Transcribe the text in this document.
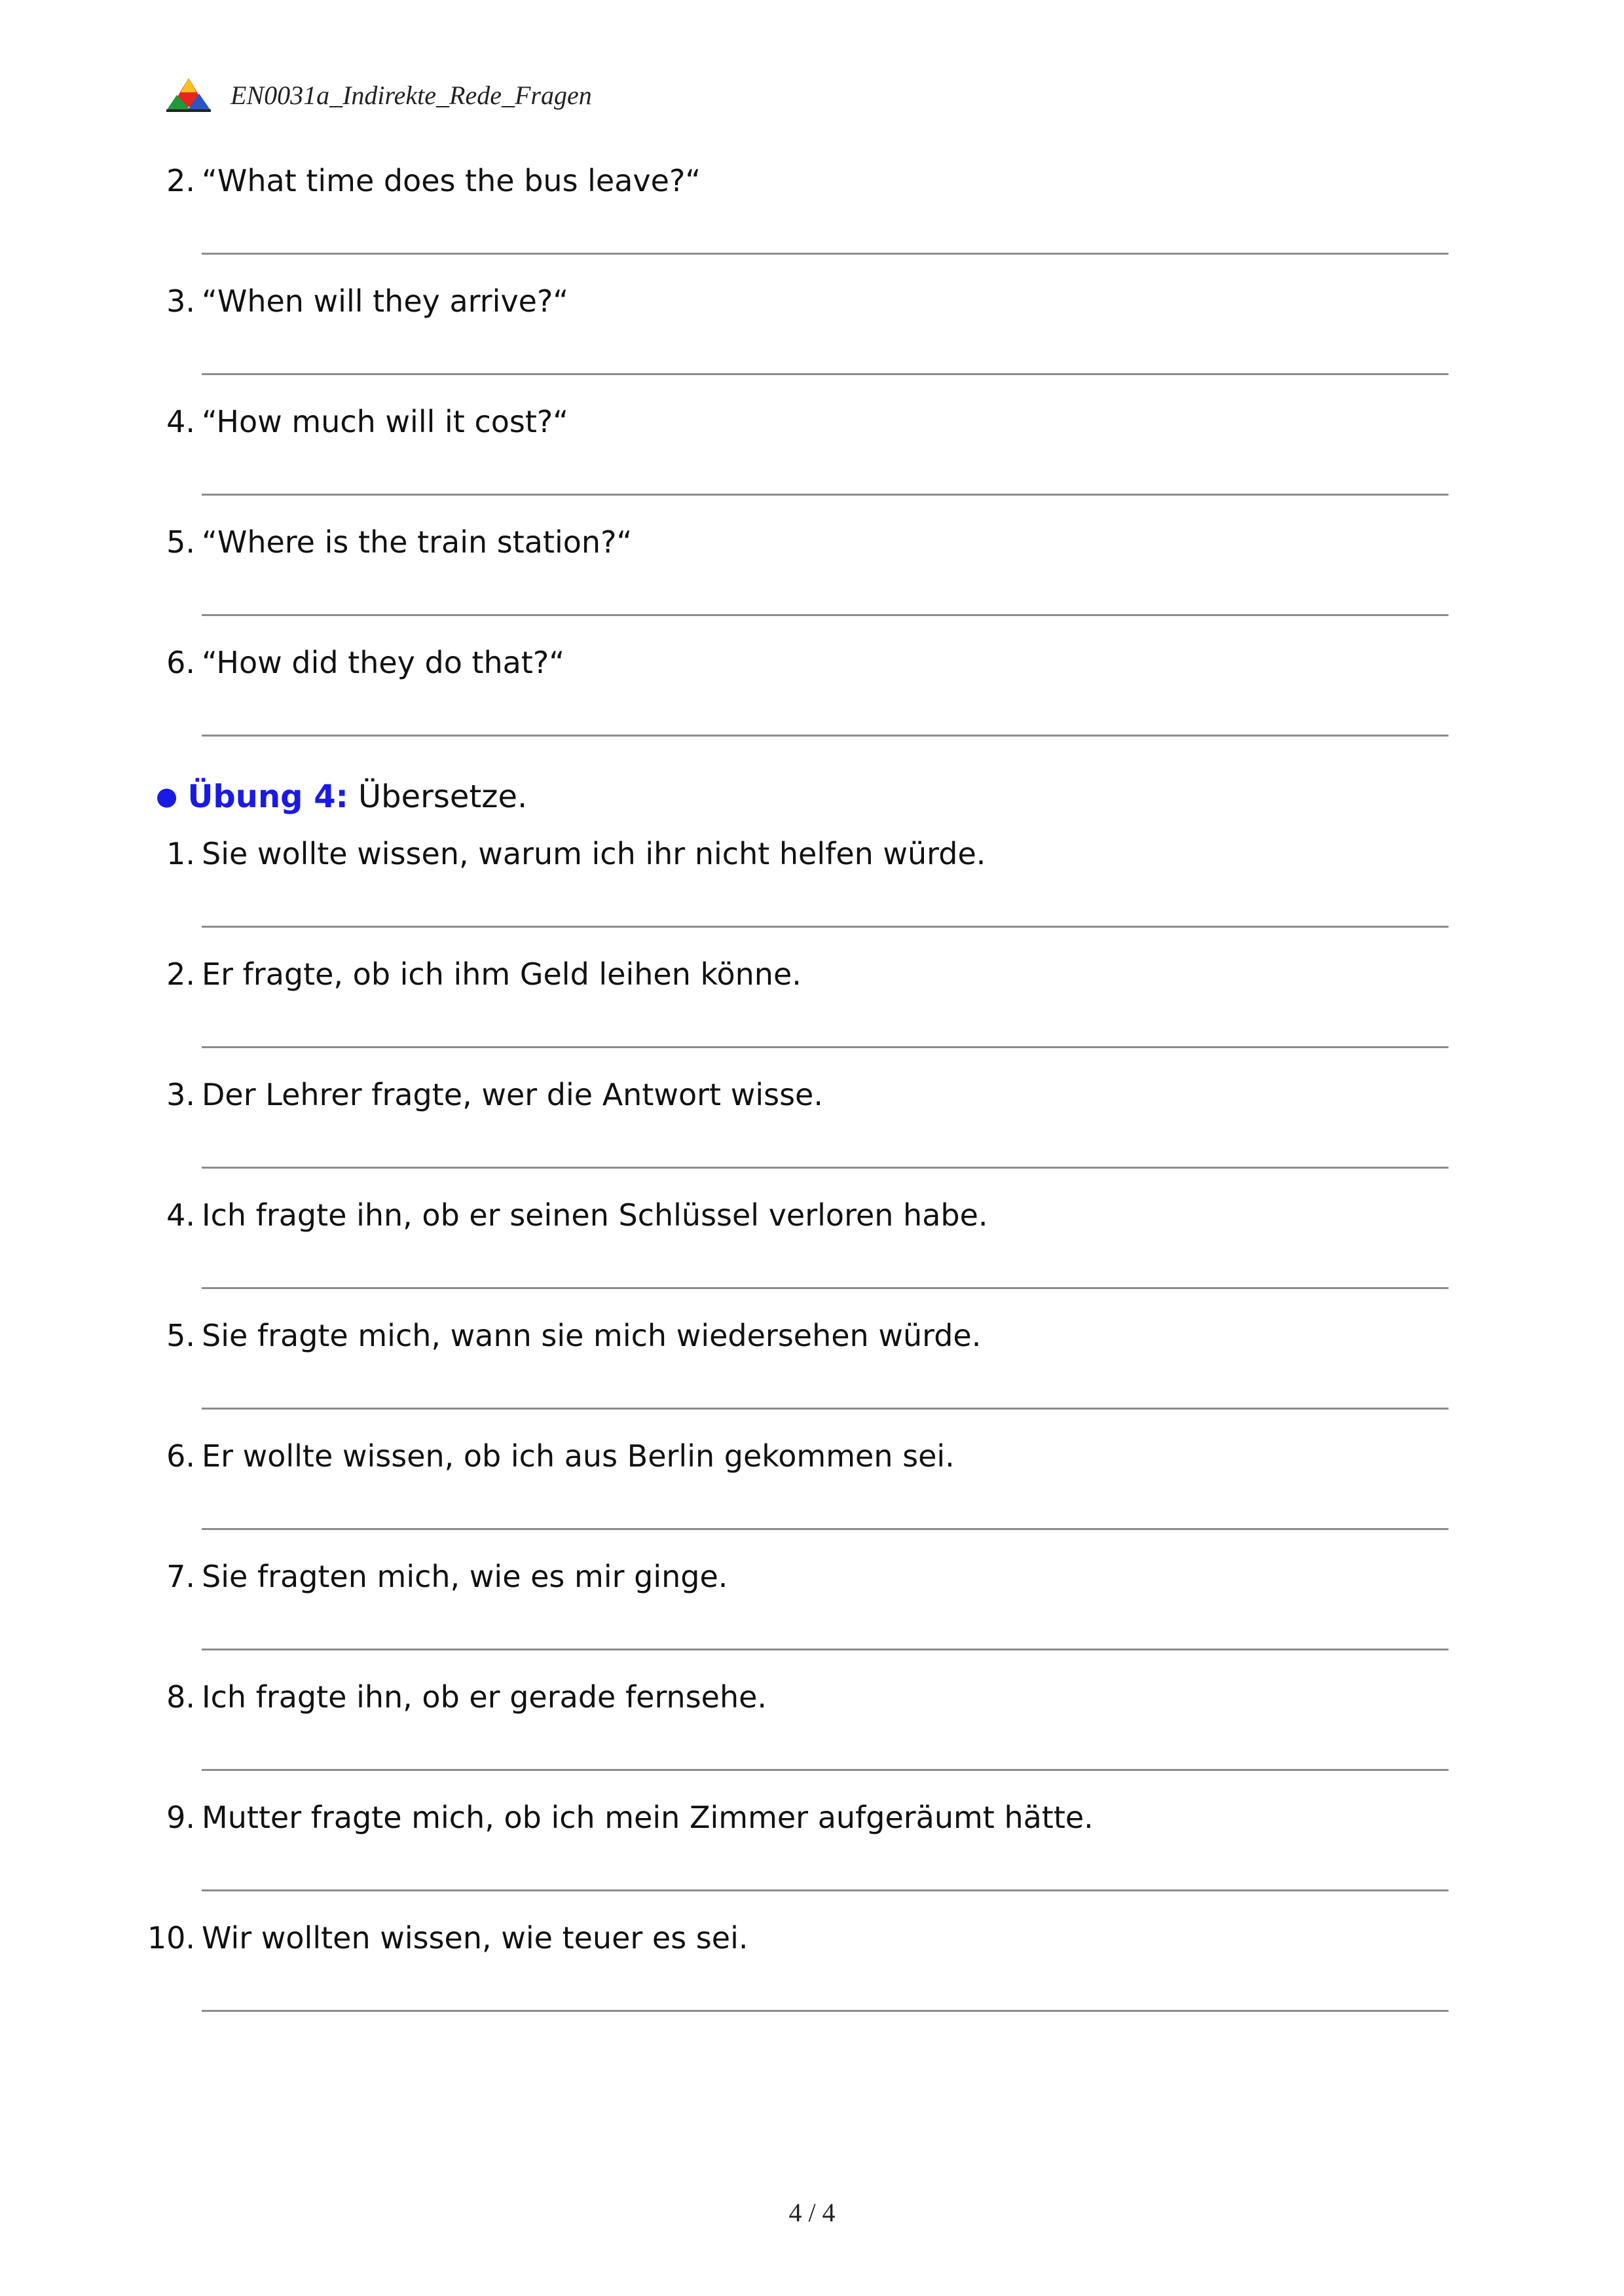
EN0031a_Indirekte_Rede_Fragen
2. “What time does the bus leave?“
3. “When will they arrive?“
4. “How much will it cost?“
5. “Where is the train station?“
6. “How did they do that?“
● Übung 4: Übersetze.
1. Sie wollte wissen, warum ich ihr nicht helfen würde.
2. Er fragte, ob ich ihm Geld leihen könne.
3. Der Lehrer fragte, wer die Antwort wisse.
4. Ich fragte ihn, ob er seinen Schlüssel verloren habe.
5. Sie fragte mich, wann sie mich wiedersehen würde.
6. Er wollte wissen, ob ich aus Berlin gekommen sei.
7. Sie fragten mich, wie es mir ginge.
8. Ich fragte ihn, ob er gerade fernsehe.
9. Mutter fragte mich, ob ich mein Zimmer aufgeräumt hätte.
10. Wir wollten wissen, wie teuer es sei.
4 / 4
